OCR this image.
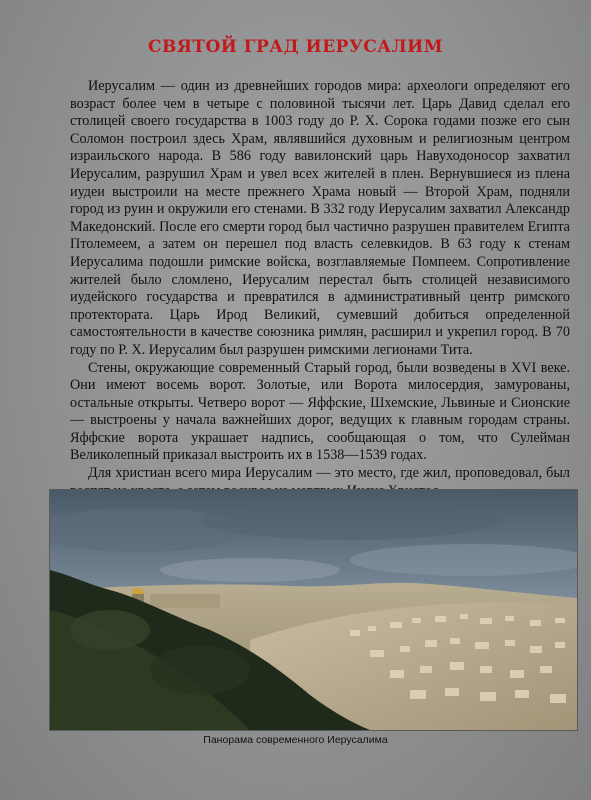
СВЯТОЙ ГРАД ИЕРУСАЛИМ

Иерусалим — один из древнейших городов мира: археологи определяют его возраст более чем в четыре с половиной тысячи лет. Царь Давид сделал его столицей своего государства в 1003 году до Р. Х. Сорока годами позже его сын Соломон построил здесь Храм, являвшийся духовным и религиозным центром израильского народа. В 586 году вавилонский царь Навуходоносор захватил Иерусалим, разрушил Храм и увел всех жителей в плен. Вернувшиеся из плена иудеи выстроили на месте прежнего Храма новый — Второй Храм, подняли город из руин и окружили его стенами. В 332 году Иерусалим захватил Александр Македонский. После его смерти город был частично разрушен правителем Египта Птолемеем, а затем он перешел под власть селевкидов. В 63 году к стенам Иерусалима подошли римские войска, возглавляемые Помпеем. Сопротивление жителей было сломлено, Иерусалим перестал быть столицей независимого иудейского государства и превратился в административный центр римского протектората. Царь Ирод Великий, сумевший добиться определенной самостоятельности в качестве союзника римлян, расширил и укрепил город. В 70 году по Р. Х. Иерусалим был разрушен римскими легионами Тита.

Стены, окружающие современный Старый город, были возведены в XVI веке. Они имеют восемь ворот. Золотые, или Ворота милосердия, замурованы, остальные открыты. Четверо ворот — Яффские, Шхемские, Львиные и Сионские — выстроены у начала важнейших дорог, ведущих к главным городам страны. Яффские ворота украшает надпись, сообщающая о том, что Сулейман Великолепный приказал выстроить их в 1538—1539 годах.

Для христиан всего мира Иерусалим — это место, где жил, проповедовал, был

Панорама современного Иерусалима
